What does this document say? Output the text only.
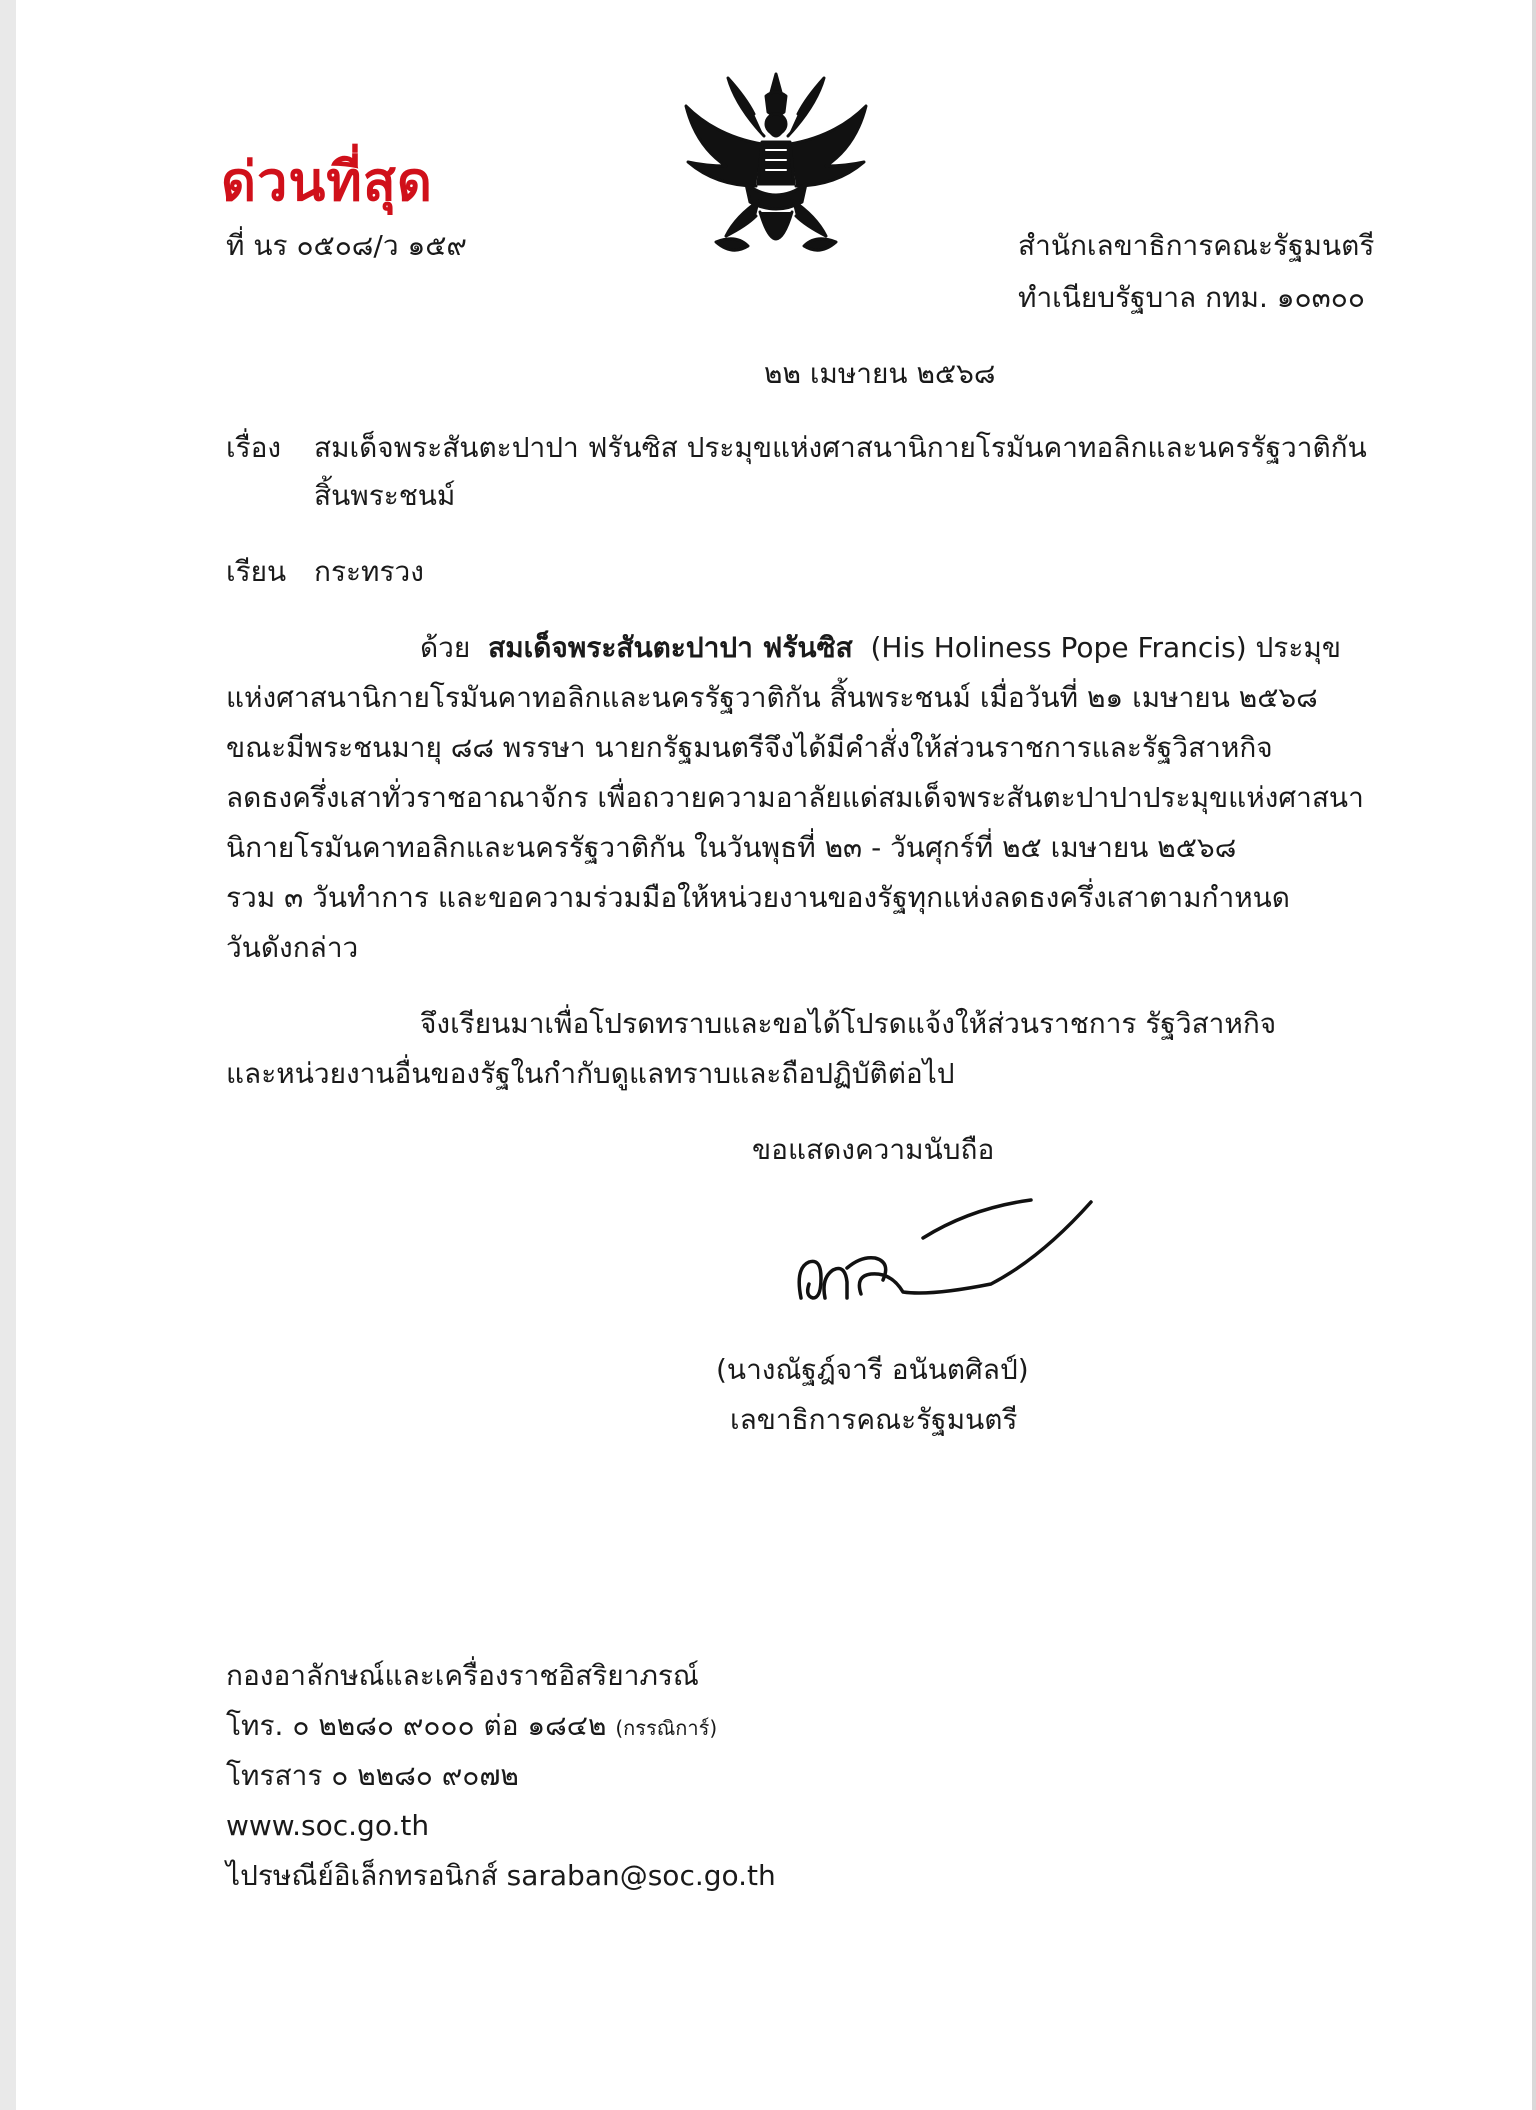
ด่วนที่สุด
ที่ นร ๐๕๐๘/ว ๑๕๙	สำนักเลขาธิการคณะรัฐมนตรี
ทำเนียบรัฐบาล กทม. ๑๐๓๐๐
๒๒ เมษายน ๒๕๖๘
เรื่อง สมเด็จพระสันตะปาปา ฟรันซิส ประมุขแห่งศาสนานิกายโรมันคาทอลิกและนครรัฐวาติกัน
สิ้นพระชนม์
เรียน กระทรวง
ด้วย สมเด็จพระสันตะปาปา ฟรันซิส (His Holiness Pope Francis) ประมุข
แห่งศาสนานิกายโรมันคาทอลิกและนครรัฐวาติกัน สิ้นพระชนม์ เมื่อวันที่ ๒๑ เมษายน ๒๕๖๘
ขณะมีพระชนมายุ ๘๘ พรรษา นายกรัฐมนตรีจึงได้มีคำสั่งให้ส่วนราชการและรัฐวิสาหกิจ
ลดธงครึ่งเสาทั่วราชอาณาจักร เพื่อถวายความอาลัยแด่สมเด็จพระสันตะปาปาประมุขแห่งศาสนา
นิกายโรมันคาทอลิกและนครรัฐวาติกัน ในวันพุธที่ ๒๓ - วันศุกร์ที่ ๒๕ เมษายน ๒๕๖๘
รวม ๓ วันทำการ และขอความร่วมมือให้หน่วยงานของรัฐทุกแห่งลดธงครึ่งเสาตามกำหนด
วันดังกล่าว
จึงเรียนมาเพื่อโปรดทราบและขอได้โปรดแจ้งให้ส่วนราชการ รัฐวิสาหกิจ
และหน่วยงานอื่นของรัฐในกำกับดูแลทราบและถือปฏิบัติต่อไป
ขอแสดงความนับถือ
(นางณัฐฎ์จารี อนันตศิลป์)
เลขาธิการคณะรัฐมนตรี
กองอาลักษณ์และเครื่องราชอิสริยาภรณ์
โทร. ๐ ๒๒๘๐ ๙๐๐๐ ต่อ ๑๘๔๒ (กรรณิการ์)
โทรสาร ๐ ๒๒๘๐ ๙๐๗๒
www.soc.go.th
ไปรษณีย์อิเล็กทรอนิกส์ saraban@soc.go.th
